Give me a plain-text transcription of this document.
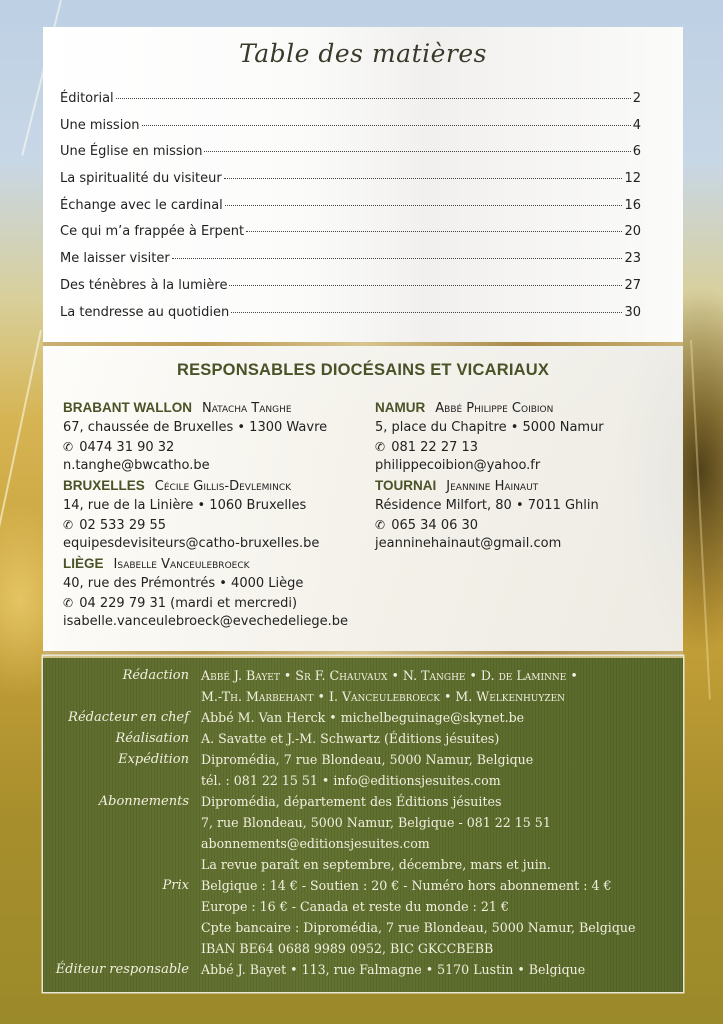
Table des matières
Éditorial	2
Une mission	4
Une Église en mission	6
La spiritualité du visiteur	12
Échange avec le cardinal	16
Ce qui m’a frappée à Erpent	20
Me laisser visiter	23
Des ténèbres à la lumière	27
La tendresse au quotidien	30
RESPONSABLES DIOCÉSAINS ET VICARIAUX
BRABANT WALLON Natacha Tanghe
67, chaussée de Bruxelles • 1300 Wavre
✆ 0474 31 90 32
n.tanghe@bwcatho.be
NAMUR Abbé Philippe Coibion
5, place du Chapitre • 5000 Namur
✆ 081 22 27 13
philippecoibion@yahoo.fr
BRUXELLES Cécile Gillis-Devleminck
14, rue de la Linière • 1060 Bruxelles
✆ 02 533 29 55
equipesdevisiteurs@catho-bruxelles.be
TOURNAI Jeannine Hainaut
Résidence Milfort, 80 • 7011 Ghlin
✆ 065 34 06 30
jeanninehainaut@gmail.com
LIÈGE Isabelle Vanceulebroeck
40, rue des Prémontrés • 4000 Liège
✆ 04 229 79 31 (mardi et mercredi)
isabelle.vanceulebroeck@evechedeliege.be
Rédaction Abbé J. Bayet • Sr F. Chauvaux • N. Tanghe • D. de Laminne •
M.-Th. Marbehant • I. Vanceulebroeck • M. Welkenhuyzen
Rédacteur en chef Abbé M. Van Herck • michelbeguinage@skynet.be
Réalisation A. Savatte et J.-M. Schwartz (Éditions jésuites)
Expédition Dipromédia, 7 rue Blondeau, 5000 Namur, Belgique
tél. : 081 22 15 51 • info@editionsjesuites.com
Abonnements Dipromédia, département des Éditions jésuites
7, rue Blondeau, 5000 Namur, Belgique - 081 22 15 51
abonnements@editionsjesuites.com
La revue paraît en septembre, décembre, mars et juin.
Prix Belgique : 14 € - Soutien : 20 € - Numéro hors abonnement : 4 €
Europe : 16 € - Canada et reste du monde : 21 €
Cpte bancaire : Dipromédia, 7 rue Blondeau, 5000 Namur, Belgique
IBAN BE64 0688 9989 0952, BIC GKCCBEBB
Éditeur responsable Abbé J. Bayet • 113, rue Falmagne • 5170 Lustin • Belgique
